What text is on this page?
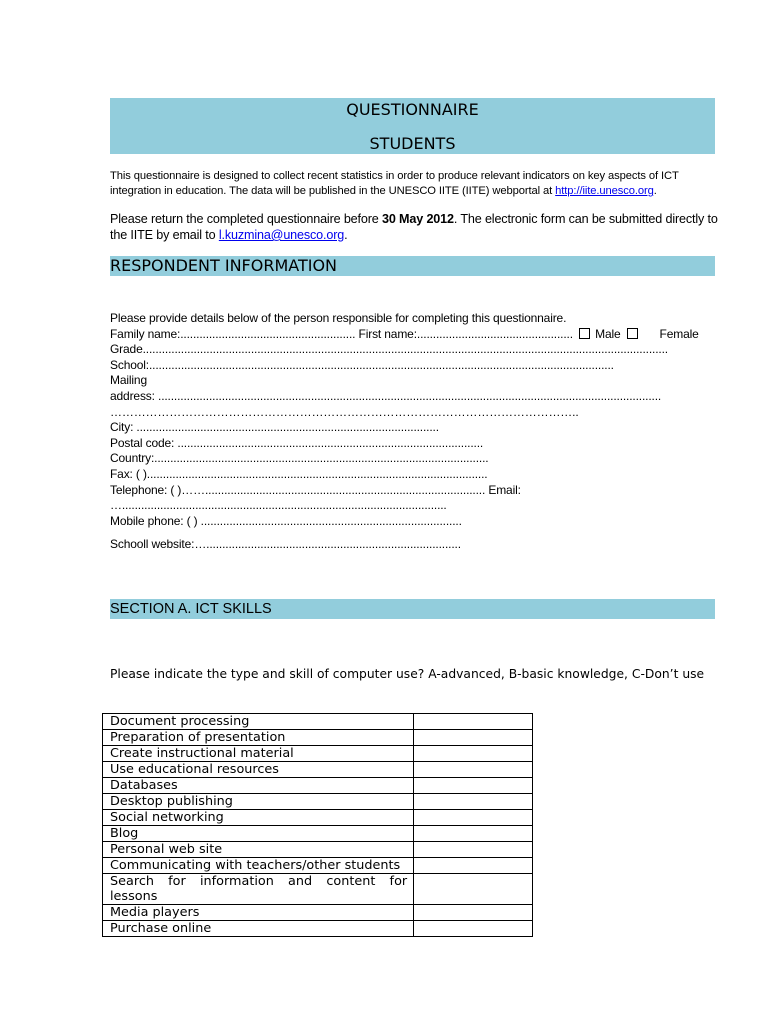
QUESTIONNAIRE
STUDENTS
This questionnaire is designed to collect recent statistics in order to produce relevant indicators on key aspects of ICT integration in education. The data will be published in the UNESCO IITE (IITE) webportal at http://iite.unesco.org.
Please return the completed questionnaire before 30 May 2012. The electronic form can be submitted directly to the IITE by email to l.kuzmina@unesco.org.
RESPONDENT INFORMATION
Please provide details below of the person responsible for completing this questionnaire.
Family name:....................................................... First name:................................................. Male	Female
Grade.....................................................................................................................................................................
School:..................................................................................................................................................
Mailing
address: ..............................................................................................................................................................
………………………………………………………………………………………………………..
City: ...............................................................................................
Postal code: ................................................................................................
Country:.........................................................................................................
Fax: ( )...........................................................................................................
Telephone: ( )……........................................................................................ Email:
…......................................................................................................
Mobile phone: ( ) ..................................................................................
Schooll website:…................................................................................
SECTION A. ICT SKILLS
Please indicate the type and skill of computer use? A-advanced, B-basic knowledge, C-Don’t use
Document processing	
Preparation of presentation	
Create instructional material	
Use educational resources	
Databases	
Desktop publishing	
Social networking	
Blog	
Personal web site	
Communicating with teachers/other students	
Search for information and content for lessons	
Media players	
Purchase online	
